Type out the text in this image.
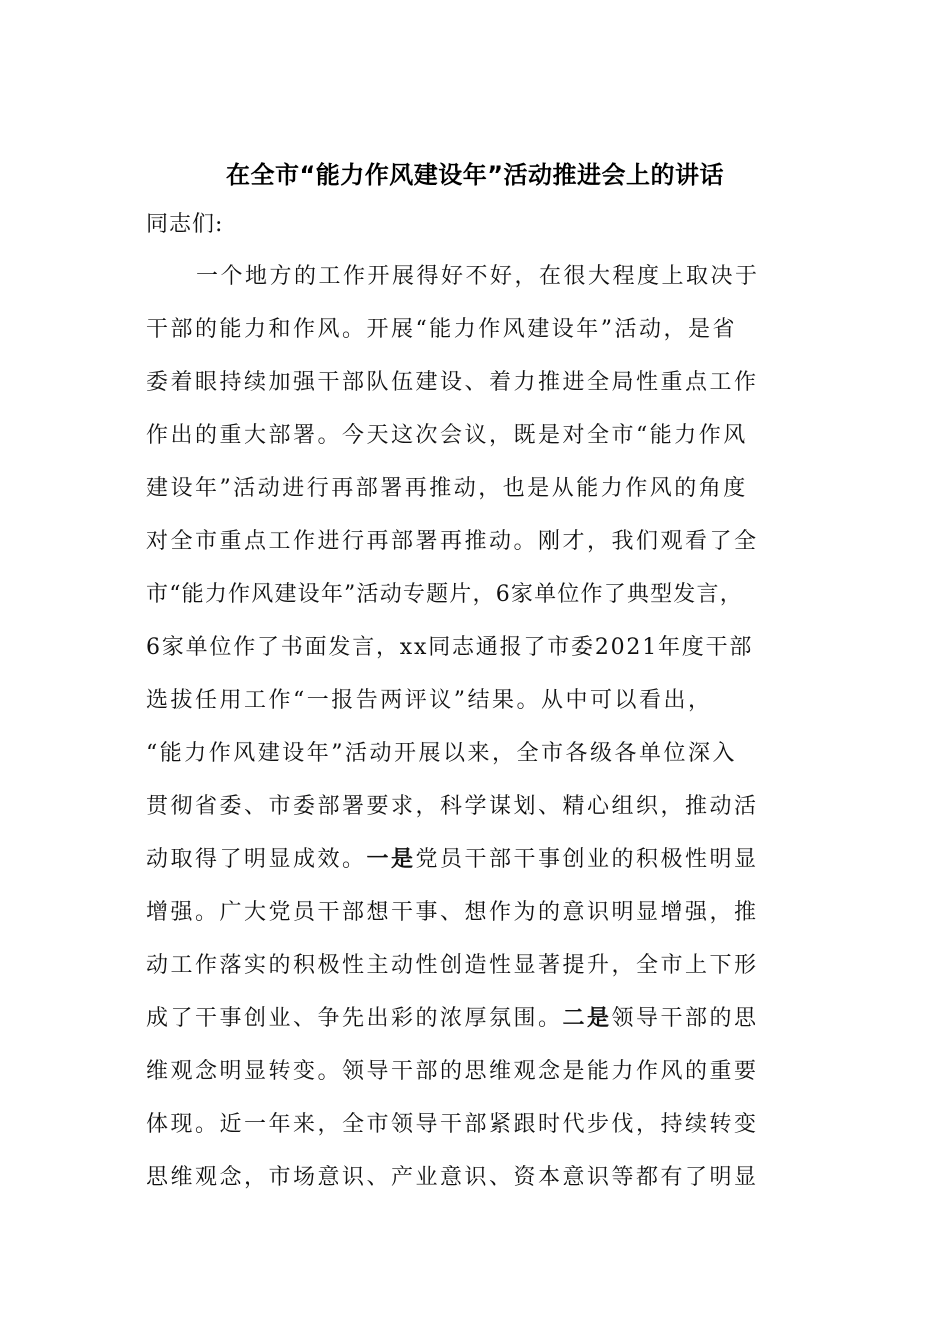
在全市“能力作风建设年”活动推进会上的讲话
同志们:
一个地方的工作开展得好不好，在很大程度上取决于
干部的能力和作风。开展“能力作风建设年”活动，是省
委着眼持续加强干部队伍建设、着力推进全局性重点工作
作出的重大部署。今天这次会议，既是对全市“能力作风
建设年”活动进行再部署再推动，也是从能力作风的角度
对全市重点工作进行再部署再推动。刚才，我们观看了全
市“能力作风建设年”活动专题片，6家单位作了典型发言，
6家单位作了书面发言，xx同志通报了市委2021年度干部
选拔任用工作“一报告两评议”结果。从中可以看出，
“能力作风建设年”活动开展以来，全市各级各单位深入
贯彻省委、市委部署要求，科学谋划、精心组织，推动活
动取得了明显成效。一是党员干部干事创业的积极性明显
增强。广大党员干部想干事、想作为的意识明显增强，推
动工作落实的积极性主动性创造性显著提升，全市上下形
成了干事创业、争先出彩的浓厚氛围。二是领导干部的思
维观念明显转变。领导干部的思维观念是能力作风的重要
体现。近一年来，全市领导干部紧跟时代步伐，持续转变
思维观念，市场意识、产业意识、资本意识等都有了明显
